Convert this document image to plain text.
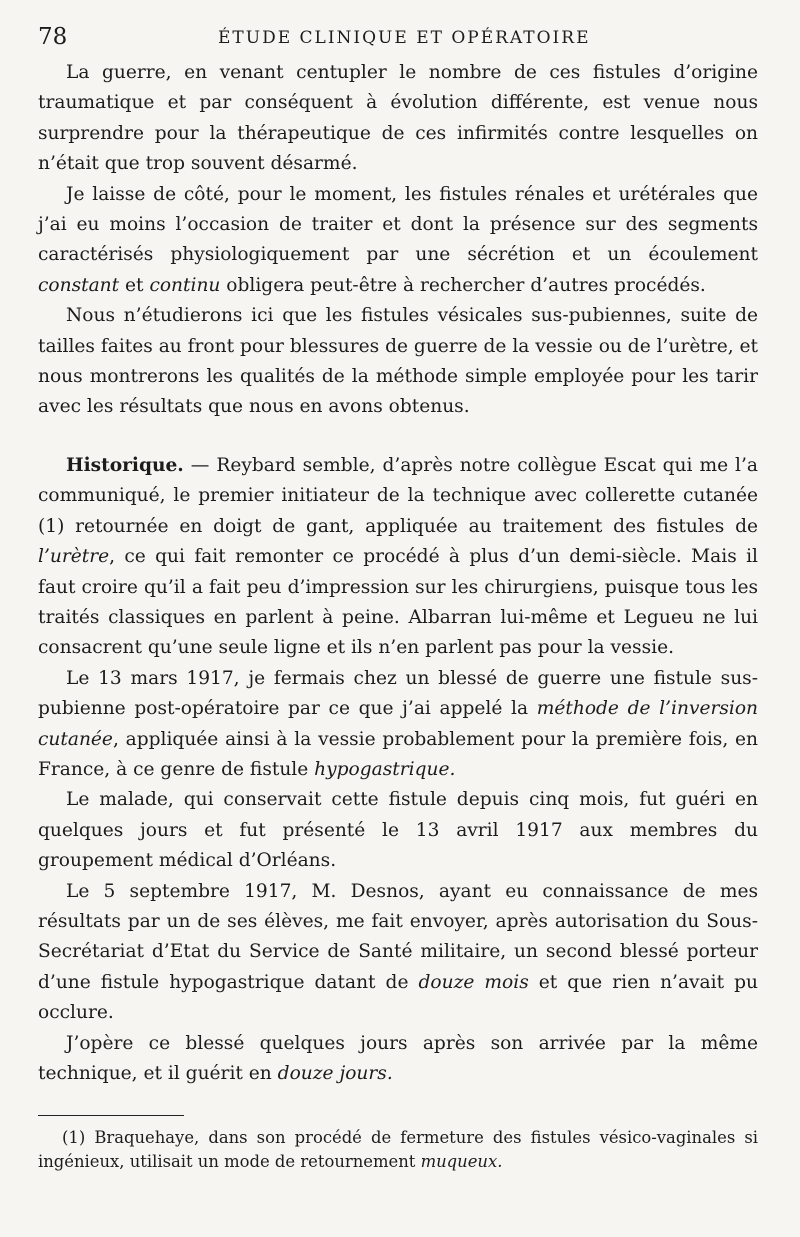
78	ÉTUDE CLINIQUE ET OPÉRATOIRE

La guerre, en venant centupler le nombre de ces fistules d’origine traumatique et par conséquent à évolution différente, est venue nous surprendre pour la thérapeutique de ces infirmités contre lesquelles on n’était que trop souvent désarmé.

Je laisse de côté, pour le moment, les fistules rénales et urétérales que j’ai eu moins l’occasion de traiter et dont la présence sur des segments caractérisés physiologiquement par une sécrétion et un écoulement constant et continu obligera peut-être à rechercher d’autres procédés.

Nous n’étudierons ici que les fistules vésicales sus-pubiennes, suite de tailles faites au front pour blessures de guerre de la vessie ou de l’urètre, et nous montrerons les qualités de la méthode simple employée pour les tarir avec les résultats que nous en avons obtenus.

Historique. — Reybard semble, d’après notre collègue Escat qui me l’a communiqué, le premier initiateur de la technique avec collerette cutanée (1) retournée en doigt de gant, appliquée au traitement des fistules de l’urètre, ce qui fait remonter ce procédé à plus d’un demi-siècle. Mais il faut croire qu’il a fait peu d’impression sur les chirurgiens, puisque tous les traités classiques en parlent à peine. Albarran lui-même et Legueu ne lui consacrent qu’une seule ligne et ils n’en parlent pas pour la vessie.

Le 13 mars 1917, je fermais chez un blessé de guerre une fistule sus-pubienne post-opératoire par ce que j’ai appelé la méthode de l’inversion cutanée, appliquée ainsi à la vessie probablement pour la première fois, en France, à ce genre de fistule hypogastrique.

Le malade, qui conservait cette fistule depuis cinq mois, fut guéri en quelques jours et fut présenté le 13 avril 1917 aux membres du groupement médical d’Orléans.

Le 5 septembre 1917, M. Desnos, ayant eu connaissance de mes résultats par un de ses élèves, me fait envoyer, après autorisation du Sous-Secrétariat d’Etat du Service de Santé militaire, un second blessé porteur d’une fistule hypogastrique datant de douze mois et que rien n’avait pu occlure.

J’opère ce blessé quelques jours après son arrivée par la même technique, et il guérit en douze jours.

(1) Braquehaye, dans son procédé de fermeture des fistules vésico-vaginales si ingénieux, utilisait un mode de retournement muqueux.
